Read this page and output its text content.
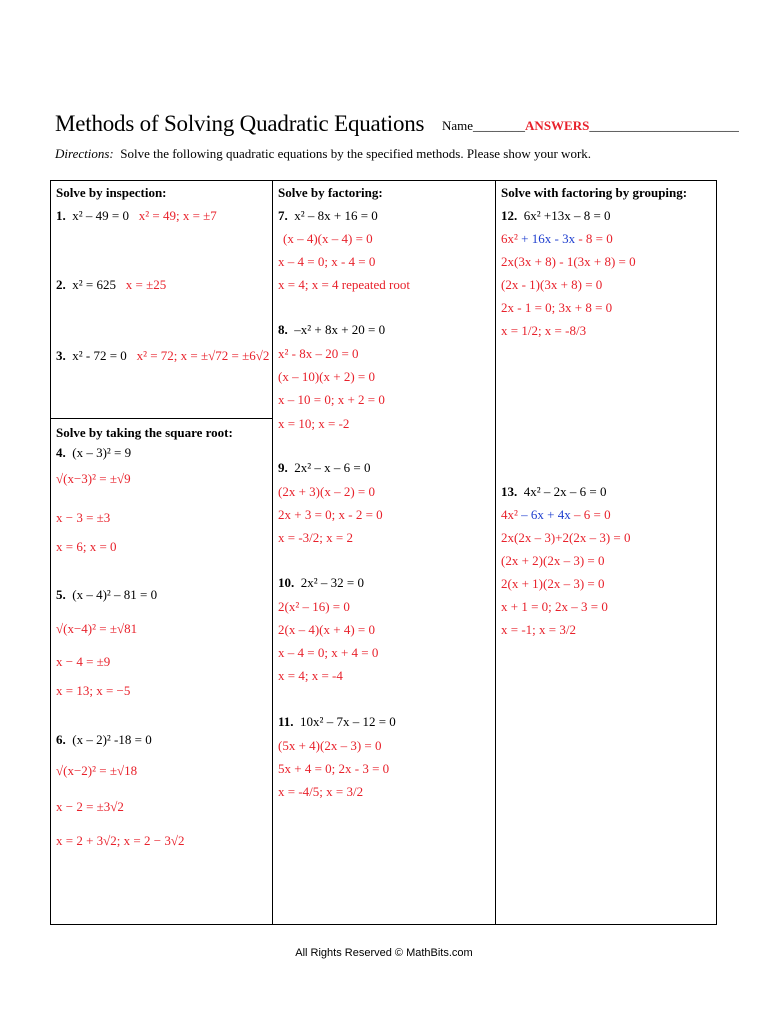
Methods of Solving Quadratic Equations Name________ANSWERS_______________________
Directions: Solve the following quadratic equations by the specified methods. Please show your work.
Solve by inspection:
1. x² – 49 = 0 x² = 49; x = ±7
2. x² = 625 x = ±25
3. x² - 72 = 0 x² = 72; x = ±√72 = ±6√2
Solve by taking the square root:
4. (x – 3)² = 9
√(x−3)² = ±√9
x − 3 = ±3
x = 6; x = 0
5. (x – 4)² – 81 = 0
√(x−4)² = ±√81
x − 4 = ±9
x = 13; x = −5
6. (x – 2)² -18 = 0
√(x−2)² = ±√18
x − 2 = ±3√2
x = 2 + 3√2; x = 2 − 3√2
Solve by factoring:
7. x² – 8x + 16 = 0
(x – 4)(x – 4) = 0
x – 4 = 0; x - 4 = 0
x = 4; x = 4 repeated root
8. –x² + 8x + 20 = 0
x² - 8x – 20 = 0
(x – 10)(x + 2) = 0
x – 10 = 0; x + 2 = 0
x = 10; x = -2
9. 2x² – x – 6 = 0
(2x + 3)(x – 2) = 0
2x + 3 = 0; x - 2 = 0
x = -3/2; x = 2
10. 2x² – 32 = 0
2(x² – 16) = 0
2(x – 4)(x + 4) = 0
x – 4 = 0; x + 4 = 0
x = 4; x = -4
11. 10x² – 7x – 12 = 0
(5x + 4)(2x – 3) = 0
5x + 4 = 0; 2x - 3 = 0
x = -4/5; x = 3/2
Solve with factoring by grouping:
12. 6x² +13x – 8 = 0
6x² + 16x - 3x - 8 = 0
2x(3x + 8) - 1(3x + 8) = 0
(2x - 1)(3x + 8) = 0
2x - 1 = 0; 3x + 8 = 0
x = 1/2; x = -8/3
13. 4x² – 2x – 6 = 0
4x² – 6x + 4x – 6 = 0
2x(2x – 3)+2(2x – 3) = 0
(2x + 2)(2x – 3) = 0
2(x + 1)(2x – 3) = 0
x + 1 = 0; 2x – 3 = 0
x = -1; x = 3/2
All Rights Reserved © MathBits.com
